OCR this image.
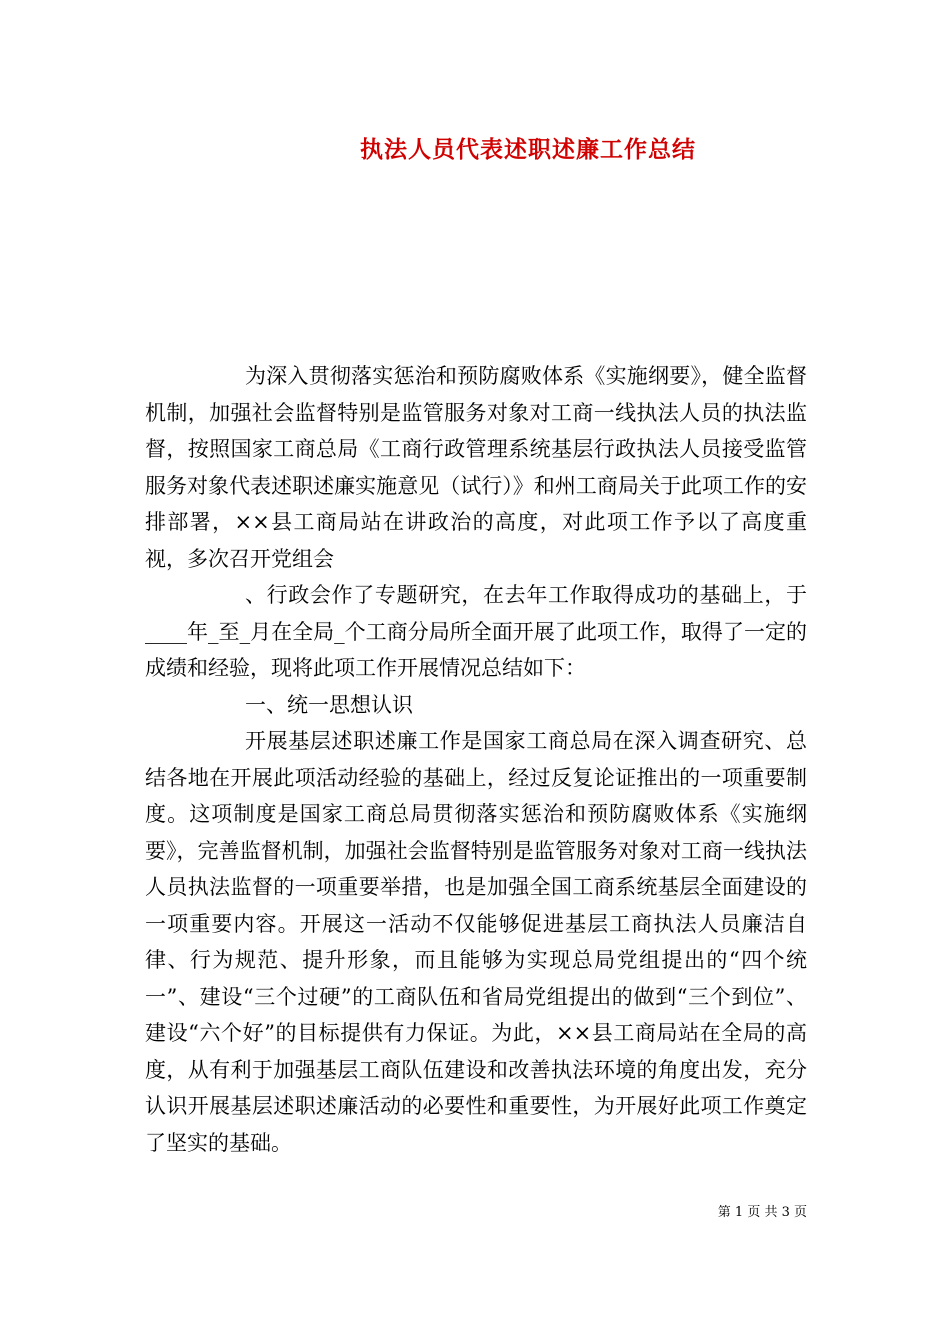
执法人员代表述职述廉工作总结

为深入贯彻落实惩治和预防腐败体系《实施纲要》，健全监督机制，加强社会监督特别是监管服务对象对工商一线执法人员的执法监督，按照国家工商总局《工商行政管理系统基层行政执法人员接受监管服务对象代表述职述廉实施意见（试行）》和州工商局关于此项工作的安排部署，××县工商局站在讲政治的高度，对此项工作予以了高度重视，多次召开党组会

、行政会作了专题研究，在去年工作取得成功的基础上，于____年_至_月在全局_个工商分局所全面开展了此项工作，取得了一定的成绩和经验，现将此项工作开展情况总结如下：

一、统一思想认识

开展基层述职述廉工作是国家工商总局在深入调查研究、总结各地在开展此项活动经验的基础上，经过反复论证推出的一项重要制度。这项制度是国家工商总局贯彻落实惩治和预防腐败体系《实施纲要》，完善监督机制，加强社会监督特别是监管服务对象对工商一线执法人员执法监督的一项重要举措，也是加强全国工商系统基层全面建设的一项重要内容。开展这一活动不仅能够促进基层工商执法人员廉洁自律、行为规范、提升形象，而且能够为实现总局党组提出的“四个统一”、建设“三个过硬”的工商队伍和省局党组提出的做到“三个到位”、建设“六个好”的目标提供有力保证。为此，××县工商局站在全局的高度，从有利于加强基层工商队伍建设和改善执法环境的角度出发，充分认识开展基层述职述廉活动的必要性和重要性，为开展好此项工作奠定了坚实的基础。

第 1 页 共 3 页
